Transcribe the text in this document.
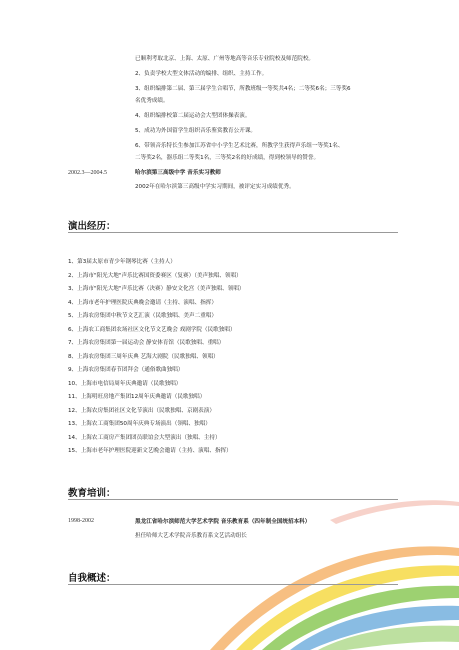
已顺利考取北京、上海、太原、广州等地高等音乐专业院校及师范院校。
2、负责学校大型文体活动的编排、组织、主持工作。
3、组织编排第二届、第三届学生合唱节，所教班级一等奖共4名；二等奖6名；三等奖6
名优秀成绩。
4、组织编排校第二届运动会大型团体操表演。
5、成功为外国留学生组织音乐鉴赏教育公开课。
6、带领音乐特长生参加江苏省中小学生艺术比赛，所教学生获得声乐组一等奖1名、
二等奖2名，器乐组二等奖1名，三等奖2名的好成绩，得到校领导的赞誉。
2002.3—2004.5	哈尔滨第三高级中学 音乐实习教师
2002年在哈尔滨第三高级中学实习期间，被评定实习成绩优秀。
演出经历：
1、第3届太原市青少年钢琴比赛（主持人）
2、上海市"阳光大地"声乐比赛国资委赛区（复赛）（美声独唱、领唱）
3、上海市"阳光大地"声乐比赛（决赛）静安文化宫（美声独唱、领唱）
4、上海市老年护理医院庆典晚会邀请（主持、演唱、指挥）
5、上海农房集团中秋节文艺汇演（民歌独唱、美声二重唱）
6、上海农工商集团农场社区文化节文艺晚会 戏剧学院（民歌独唱）
7、上海农房集团第一届运动会 静安体育馆（民歌独唱、重唱）
8、上海农房集团三周年庆典 艺海大剧院（民歌独唱、领唱）
9、上海农房集团春节团拜会（通俗歌曲独唱）
10、上海市电信局周年庆典邀请（民歌独唱）
11、上海明旺房地产集团12周年庆典邀请（民歌独唱）
12、上海农房集团社区文化节演出（民歌独唱、京剧表演）
13、上海农工商集团50周年庆典专场演出（领唱、独唱）
14、上海农工商房产集团团员联谊会大型演出（独唱、主持）
15、上海市老年护理医院迎新文艺晚会邀请（主持、演唱、指挥）
教育培训：
1998-2002	黑龙江省哈尔滨师范大学艺术学院 音乐教育系（四年制全国统招本科）
担任哈师大艺术学院音乐教育系文艺活动组长
自我概述：
